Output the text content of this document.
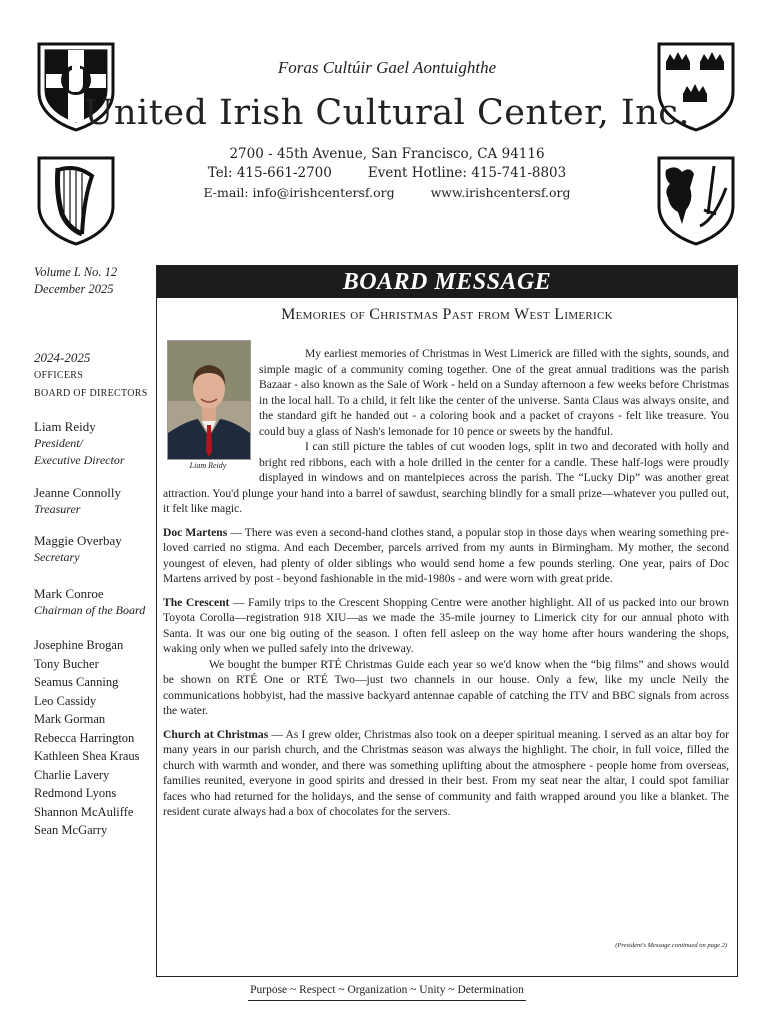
Foras Cultúir Gael Aontuighthe
United Irish Cultural Center, Inc.
2700 - 45th Avenue, San Francisco, CA 94116
Tel: 415-661-2700	Event Hotline: 415-741-8803
E-mail: info@irishcentersf.org	www.irishcentersf.org
Volume L No. 12
December 2025
2024-2025
OFFICERS
BOARD OF DIRECTORS
Liam Reidy
President/
Executive Director
Jeanne Connolly
Treasurer
Maggie Overbay
Secretary
Mark Conroe
Chairman of the Board
Josephine Brogan
Tony Bucher
Seamus Canning
Leo Cassidy
Mark Gorman
Rebecca Harrington
Kathleen Shea Kraus
Charlie Lavery
Redmond Lyons
Shannon McAuliffe
Sean McGarry
BOARD MESSAGE
Memories of Christmas Past from West Limerick
Liam Reidy

My earliest memories of Christmas in West Limerick are filled with the sights, sounds, and simple magic of a community coming together. One of the great annual traditions was the parish Bazaar - also known as the Sale of Work - held on a Sunday afternoon a few weeks before Christmas in the local hall. To a child, it felt like the center of the universe. Santa Claus was always onsite, and the standard gift he handed out - a coloring book and a packet of crayons - felt like treasure. You could buy a glass of Nash's lemonade for 10 pence or sweets by the handful.

I can still picture the tables of cut wooden logs, split in two and decorated with holly and bright red ribbons, each with a hole drilled in the center for a candle. These half-logs were proudly displayed in windows and on mantelpieces across the parish. The “Lucky Dip” was another great attraction. You'd plunge your hand into a barrel of sawdust, searching blindly for a small prize—whatever you pulled out, it felt like magic.

Doc Martens — There was even a second-hand clothes stand, a popular stop in those days when wearing something pre-loved carried no stigma. And each December, parcels arrived from my aunts in Birmingham. My mother, the second youngest of eleven, had plenty of older siblings who would send home a few pounds sterling. One year, pairs of Doc Martens arrived by post - beyond fashionable in the mid-1980s - and were worn with great pride.

The Crescent — Family trips to the Crescent Shopping Centre were another highlight. All of us packed into our brown Toyota Corolla—registration 918 XIU—as we made the 35-mile journey to Limerick city for our annual photo with Santa. It was our one big outing of the season. I often fell asleep on the way home after hours wandering the shops, waking only when we pulled safely into the driveway.

We bought the bumper RTÉ Christmas Guide each year so we'd know when the “big films” and shows would be shown on RTÉ One or RTÉ Two—just two channels in our house. Only a few, like my uncle Neily the communications hobbyist, had the massive backyard antennae capable of catching the ITV and BBC signals from across the water.

Church at Christmas — As I grew older, Christmas also took on a deeper spiritual meaning. I served as an altar boy for many years in our parish church, and the Christmas season was always the highlight. The choir, in full voice, filled the church with warmth and wonder, and there was something uplifting about the atmosphere - people home from overseas, families reunited, everyone in good spirits and dressed in their best. From my seat near the altar, I could spot familiar faces who had returned for the holidays, and the sense of community and faith wrapped around you like a blanket. The resident curate always had a box of chocolates for the servers.

(President's Message continued on page 2)
Purpose ~ Respect ~ Organization ~ Unity ~ Determination
